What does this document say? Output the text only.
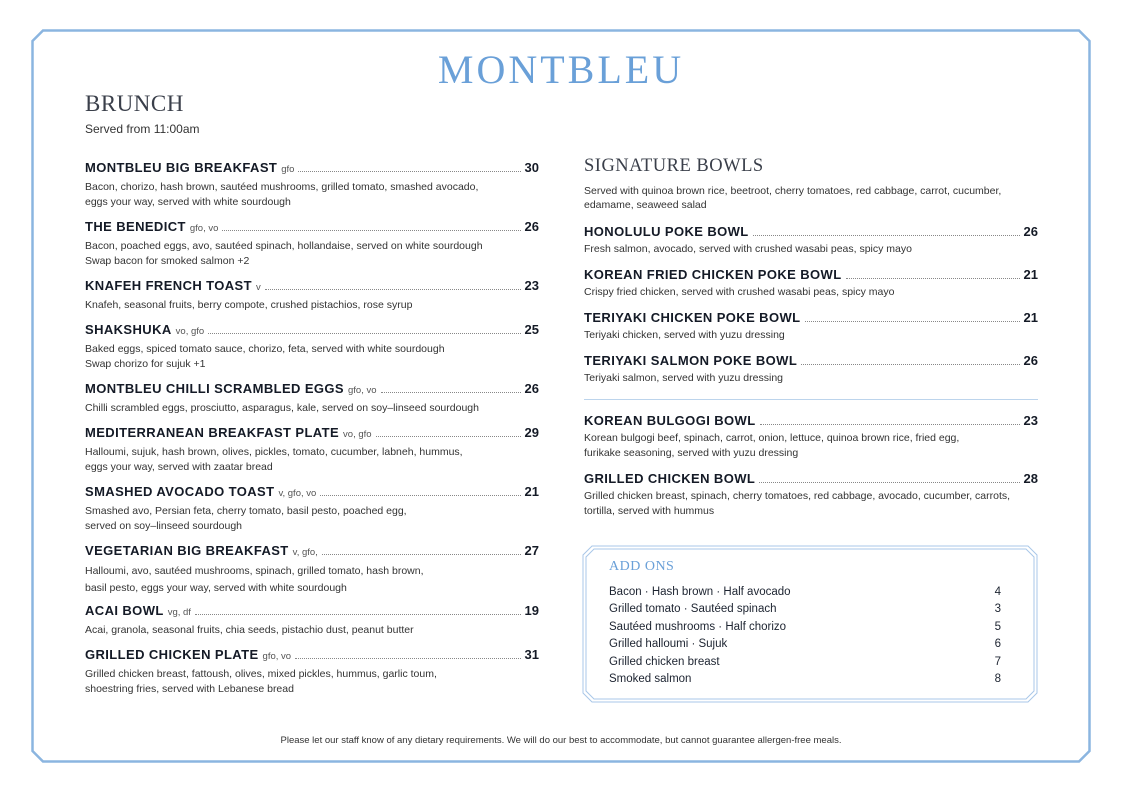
MONTBLEU
BRUNCH
Served from 11:00am
MONTBLEU BIG BREAKFAST gfo	30
Bacon, chorizo, hash brown, sautéed mushrooms, grilled tomato, smashed avocado,
eggs your way, served with white sourdough
THE BENEDICT gfo, vo	26
Bacon, poached eggs, avo, sautéed spinach, hollandaise, served on white sourdough
Swap bacon for smoked salmon +2
KNAFEH FRENCH TOAST v	23
Knafeh, seasonal fruits, berry compote, crushed pistachios, rose syrup
SHAKSHUKA vo, gfo	25
Baked eggs, spiced tomato sauce, chorizo, feta, served with white sourdough
Swap chorizo for sujuk +1
MONTBLEU CHILLI SCRAMBLED EGGS gfo, vo	26
Chilli scrambled eggs, prosciutto, asparagus, kale, served on soy–linseed sourdough
MEDITERRANEAN BREAKFAST PLATE vo, gfo	29
Halloumi, sujuk, hash brown, olives, pickles, tomato, cucumber, labneh, hummus,
eggs your way, served with zaatar bread
SMASHED AVOCADO TOAST v, gfo, vo	21
Smashed avo, Persian feta, cherry tomato, basil pesto, poached egg,
served on soy–linseed sourdough
VEGETARIAN BIG BREAKFAST v, gfo,	27
Halloumi, avo, sautéed mushrooms, spinach, grilled tomato, hash brown,
basil pesto, eggs your way, served with white sourdough
ACAI BOWL vg, df	19
Acai, granola, seasonal fruits, chia seeds, pistachio dust, peanut butter
GRILLED CHICKEN PLATE gfo, vo	31
Grilled chicken breast, fattoush, olives, mixed pickles, hummus, garlic toum,
shoestring fries, served with Lebanese bread
SIGNATURE BOWLS
Served with quinoa brown rice, beetroot, cherry tomatoes, red cabbage, carrot, cucumber, edamame, seaweed salad
HONOLULU POKE BOWL	26
Fresh salmon, avocado, served with crushed wasabi peas, spicy mayo
KOREAN FRIED CHICKEN POKE BOWL	21
Crispy fried chicken, served with crushed wasabi peas, spicy mayo
TERIYAKI CHICKEN POKE BOWL	21
Teriyaki chicken, served with yuzu dressing
TERIYAKI SALMON POKE BOWL	26
Teriyaki salmon, served with yuzu dressing
KOREAN BULGOGI BOWL	23
Korean bulgogi beef, spinach, carrot, onion, lettuce, quinoa brown rice, fried egg,
furikake seasoning, served with yuzu dressing
GRILLED CHICKEN BOWL	28
Grilled chicken breast, spinach, cherry tomatoes, red cabbage, avocado, cucumber, carrots,
tortilla, served with hummus
ADD ONS
Bacon · Hash brown · Half avocado	4
Grilled tomato · Sautéed spinach	3
Sautéed mushrooms · Half chorizo	5
Grilled halloumi · Sujuk	6
Grilled chicken breast	7
Smoked salmon	8
Please let our staff know of any dietary requirements. We will do our best to accommodate, but cannot guarantee allergen-free meals.
